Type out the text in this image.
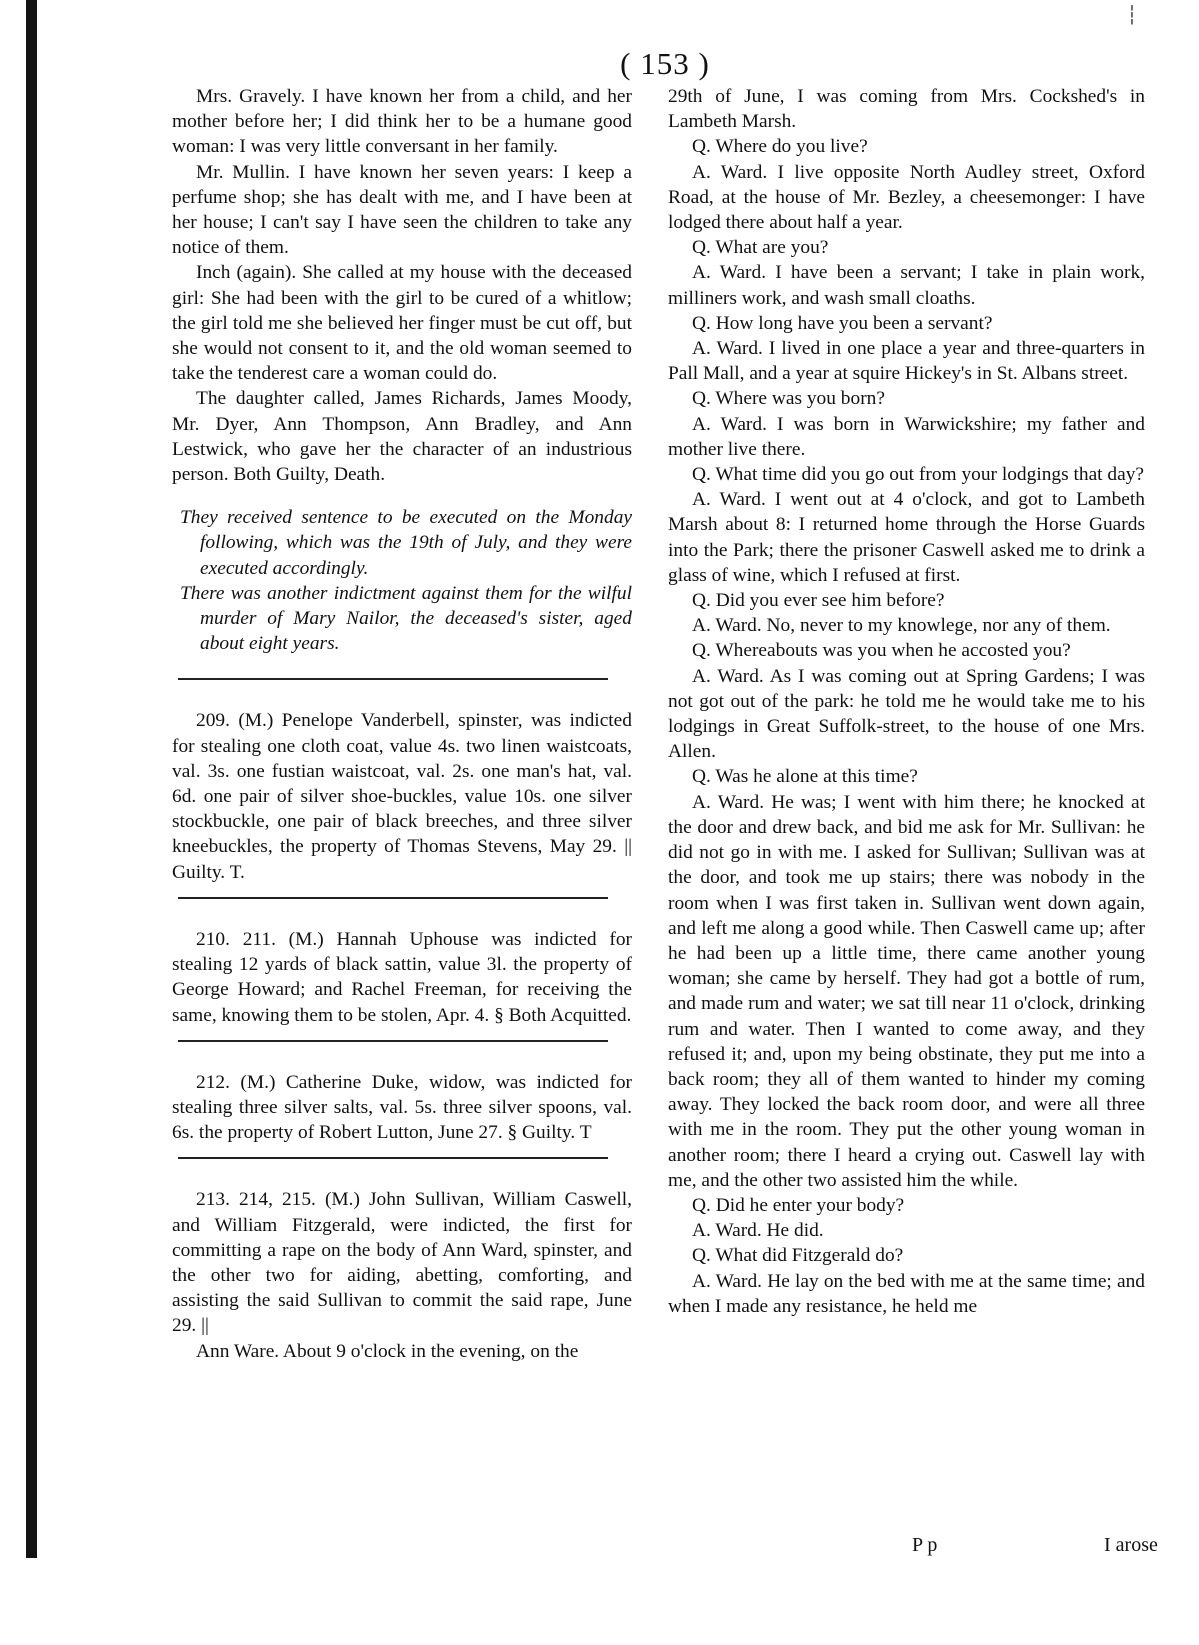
┆
( 153 )

Mrs. Gravely. I have known her from a child, and her mother before her; I did think her to be a humane good woman: I was very little conversant in her family.

Mr. Mullin. I have known her seven years: I keep a perfume shop; she has dealt with me, and I have been at her house; I can't say I have seen the children to take any notice of them.

Inch (again). She called at my house with the deceased girl: She had been with the girl to be cured of a whitlow; the girl told me she believed her finger must be cut off, but she would not consent to it, and the old woman seemed to take the tenderest care a woman could do.

The daughter called, James Richards, James Moody, Mr. Dyer, Ann Thompson, Ann Bradley, and Ann Lestwick, who gave her the character of an industrious person. Both Guilty, Death.

They received sentence to be executed on the Monday following, which was the 19th of July, and they were executed accordingly.

There was another indictment against them for the wilful murder of Mary Nailor, the deceased's sister, aged about eight years.

209. (M.) Penelope Vanderbell, spinster, was indicted for stealing one cloth coat, value 4s. two linen waistcoats, val. 3s. one fustian waistcoat, val. 2s. one man's hat, val. 6d. one pair of silver shoe-buckles, value 10s. one silver stockbuckle, one pair of black breeches, and three silver kneebuckles, the property of Thomas Stevens, May 29. || Guilty. T.

210. 211. (M.) Hannah Uphouse was indicted for stealing 12 yards of black sattin, value 3l. the property of George Howard; and Rachel Freeman, for receiving the same, knowing them to be stolen, Apr. 4. § Both Acquitted.

212. (M.) Catherine Duke, widow, was indicted for stealing three silver salts, val. 5s. three silver spoons, val. 6s. the property of Robert Lutton, June 27. § Guilty. T

213. 214, 215. (M.) John Sullivan, William Caswell, and William Fitzgerald, were indicted, the first for committing a rape on the body of Ann Ward, spinster, and the other two for aiding, abetting, comforting, and assisting the said Sullivan to commit the said rape, June 29. ||

Ann Ware. About 9 o'clock in the evening, on the

29th of June, I was coming from Mrs. Cockshed's in Lambeth Marsh.

Q. Where do you live?

A. Ward. I live opposite North Audley street, Oxford Road, at the house of Mr. Bezley, a cheesemonger: I have lodged there about half a year.

Q. What are you?

A. Ward. I have been a servant; I take in plain work, milliners work, and wash small cloaths.

Q. How long have you been a servant?

A. Ward. I lived in one place a year and three-quarters in Pall Mall, and a year at squire Hickey's in St. Albans street.

Q. Where was you born?

A. Ward. I was born in Warwickshire; my father and mother live there.

Q. What time did you go out from your lodgings that day?

A. Ward. I went out at 4 o'clock, and got to Lambeth Marsh about 8: I returned home through the Horse Guards into the Park; there the prisoner Caswell asked me to drink a glass of wine, which I refused at first.

Q. Did you ever see him before?

A. Ward. No, never to my knowlege, nor any of them.

Q. Whereabouts was you when he accosted you?

A. Ward. As I was coming out at Spring Gardens; I was not got out of the park: he told me he would take me to his lodgings in Great Suffolk-street, to the house of one Mrs. Allen.

Q. Was he alone at this time?

A. Ward. He was; I went with him there; he knocked at the door and drew back, and bid me ask for Mr. Sullivan: he did not go in with me. I asked for Sullivan; Sullivan was at the door, and took me up stairs; there was nobody in the room when I was first taken in. Sullivan went down again, and left me along a good while. Then Caswell came up; after he had been up a little time, there came another young woman; she came by herself. They had got a bottle of rum, and made rum and water; we sat till near 11 o'clock, drinking rum and water. Then I wanted to come away, and they refused it; and, upon my being obstinate, they put me into a back room; they all of them wanted to hinder my coming away. They locked the back room door, and were all three with me in the room. They put the other young woman in another room; there I heard a crying out. Caswell lay with me, and the other two assisted him the while.

Q. Did he enter your body?

A. Ward. He did.

Q. What did Fitzgerald do?

A. Ward. He lay on the bed with me at the same time; and when I made any resistance, he held me

P p	I arose
